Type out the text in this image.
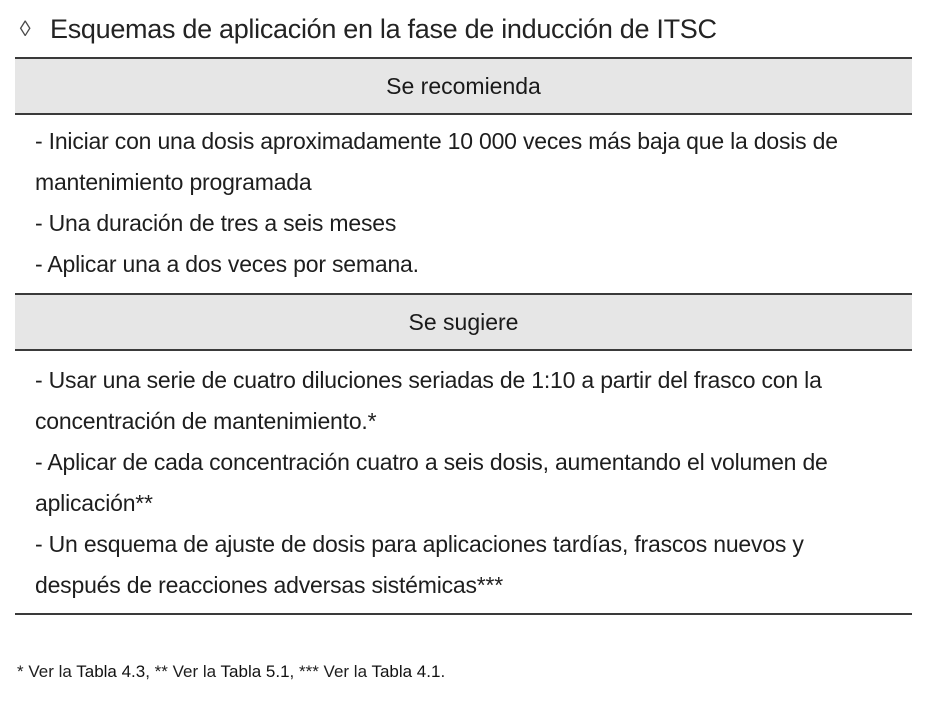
◊ Esquemas de aplicación en la fase de inducción de ITSC
Se recomienda
- Iniciar con una dosis aproximadamente 10 000 veces más baja que la dosis de mantenimiento programada
- Una duración de tres a seis meses
- Aplicar una a dos veces por semana.
Se sugiere
- Usar una serie de cuatro diluciones seriadas de 1:10 a partir del frasco con la concentración de mantenimiento.*
- Aplicar de cada concentración cuatro a seis dosis, aumentando el volumen de aplicación**
- Un esquema de ajuste de dosis para aplicaciones tardías, frascos nuevos y después de reacciones adversas sistémicas***
* Ver la Tabla 4.3, ** Ver la Tabla 5.1, *** Ver la Tabla 4.1.
